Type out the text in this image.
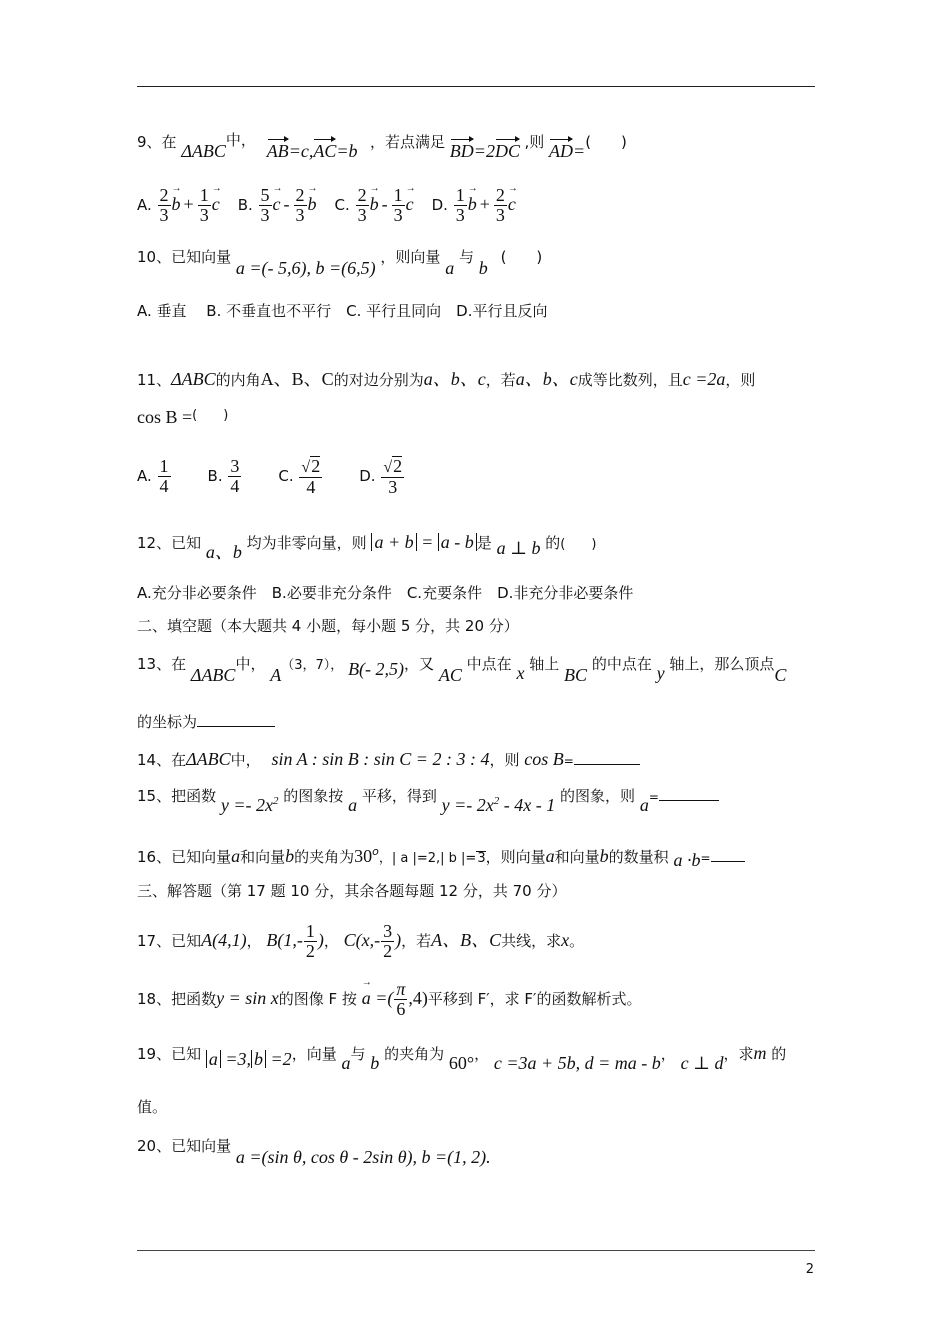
9、在 ΔABC中， AB=c,AC=b ，若点满足 BD=2DC ,则 AD=(　　)
A. $\frac{2}{3}$ b → + $\frac{1}{3}$ c → B. $\frac{5}{3}$ c → - $\frac{2}{3}$ b → C. $\frac{2}{3}$ b → - $\frac{1}{3}$ c → D. $\frac{1}{3}$ b → + $\frac{2}{3}$ c →
10、已知向量 a =(- 5,6), b =(6,5) ，则向量 a 与 b (　　)
A. 垂直　 B. 不垂直也不平行　C. 平行且同向　D.平行且反向
11、ΔABC的内角A、B、C的对边分别为a、b、c，若a、b、c成等比数列，且c =2a，则
cos B =(　　)
A. $\frac{1}{4} B$. $\frac{3}{4} C$. $\frac{√2}{4} D$. $\frac{√2}{3}$
12、已知 a、b 均为非零向量，则 a + b = a - b 是 a ⊥ b 的(　　)
A.充分非必要条件　B.必要非充分条件　C.充要条件　D.非充分非必要条件
二、填空题（本大题共 4 小题，每小题 5 分，共 20 分）
13、在 ΔABC中， A（3，7）， B(- 2,5)，又 AC 中点在 x 轴上 BC 的中点在 y 轴上，那么顶点C
的坐标为
14、在ΔABC中， sin A : sin B : sin C = 2 : 3 : 4，则 cos B=
15、把函数 $y =- 2x^2$ 的图象按 a 平移，得到 $y =- 2x^2 - 4x - 1$ 的图象，则 a=
16、已知向量a和向量b的夹角为30$^o$，| a |=2,| b |=3，则向量a和向量b的数量积 a ·b=
三、解答题（第 17 题 10 分，其余各题每题 12 分，共 70 分）
17、已知A(4,1)， $B(1,- \frac{1}{2}$ )， $C(x,- \frac{3}{2}$ )，若A、B、C共线，求x。
18、把函数y = sin x的图像 F 按 a → =( $\frac{\pi}{6} ,4$)平移到 F′，求 F′的函数解析式。
19、已知 a =3, b =2，向量 a与 b 的夹角为 60°， c =3a + 5b, d = ma - b， c ⊥ d，求m 的
值。
20、已知向量 a =(sin θ, cos θ - 2sin θ), b =(1, 2).
2
